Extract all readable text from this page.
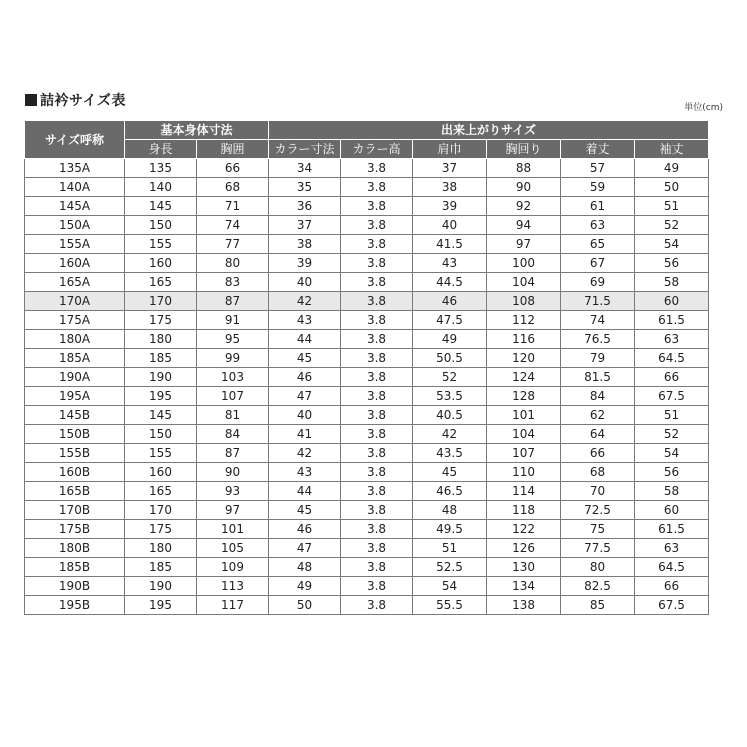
詰衿サイズ表	単位(cm)
サイズ呼称	基本身体寸法		出来上がりサイズ					
	身長	胸囲	カラー寸法	カラー高	肩巾	胸回り	着丈	袖丈
135A	135	66	34	3.8	37	88	57	49
140A	140	68	35	3.8	38	90	59	50
145A	145	71	36	3.8	39	92	61	51
150A	150	74	37	3.8	40	94	63	52
155A	155	77	38	3.8	41.5	97	65	54
160A	160	80	39	3.8	43	100	67	56
165A	165	83	40	3.8	44.5	104	69	58
170A	170	87	42	3.8	46	108	71.5	60
175A	175	91	43	3.8	47.5	112	74	61.5
180A	180	95	44	3.8	49	116	76.5	63
185A	185	99	45	3.8	50.5	120	79	64.5
190A	190	103	46	3.8	52	124	81.5	66
195A	195	107	47	3.8	53.5	128	84	67.5
145B	145	81	40	3.8	40.5	101	62	51
150B	150	84	41	3.8	42	104	64	52
155B	155	87	42	3.8	43.5	107	66	54
160B	160	90	43	3.8	45	110	68	56
165B	165	93	44	3.8	46.5	114	70	58
170B	170	97	45	3.8	48	118	72.5	60
175B	175	101	46	3.8	49.5	122	75	61.5
180B	180	105	47	3.8	51	126	77.5	63
185B	185	109	48	3.8	52.5	130	80	64.5
190B	190	113	49	3.8	54	134	82.5	66
195B	195	117	50	3.8	55.5	138	85	67.5
